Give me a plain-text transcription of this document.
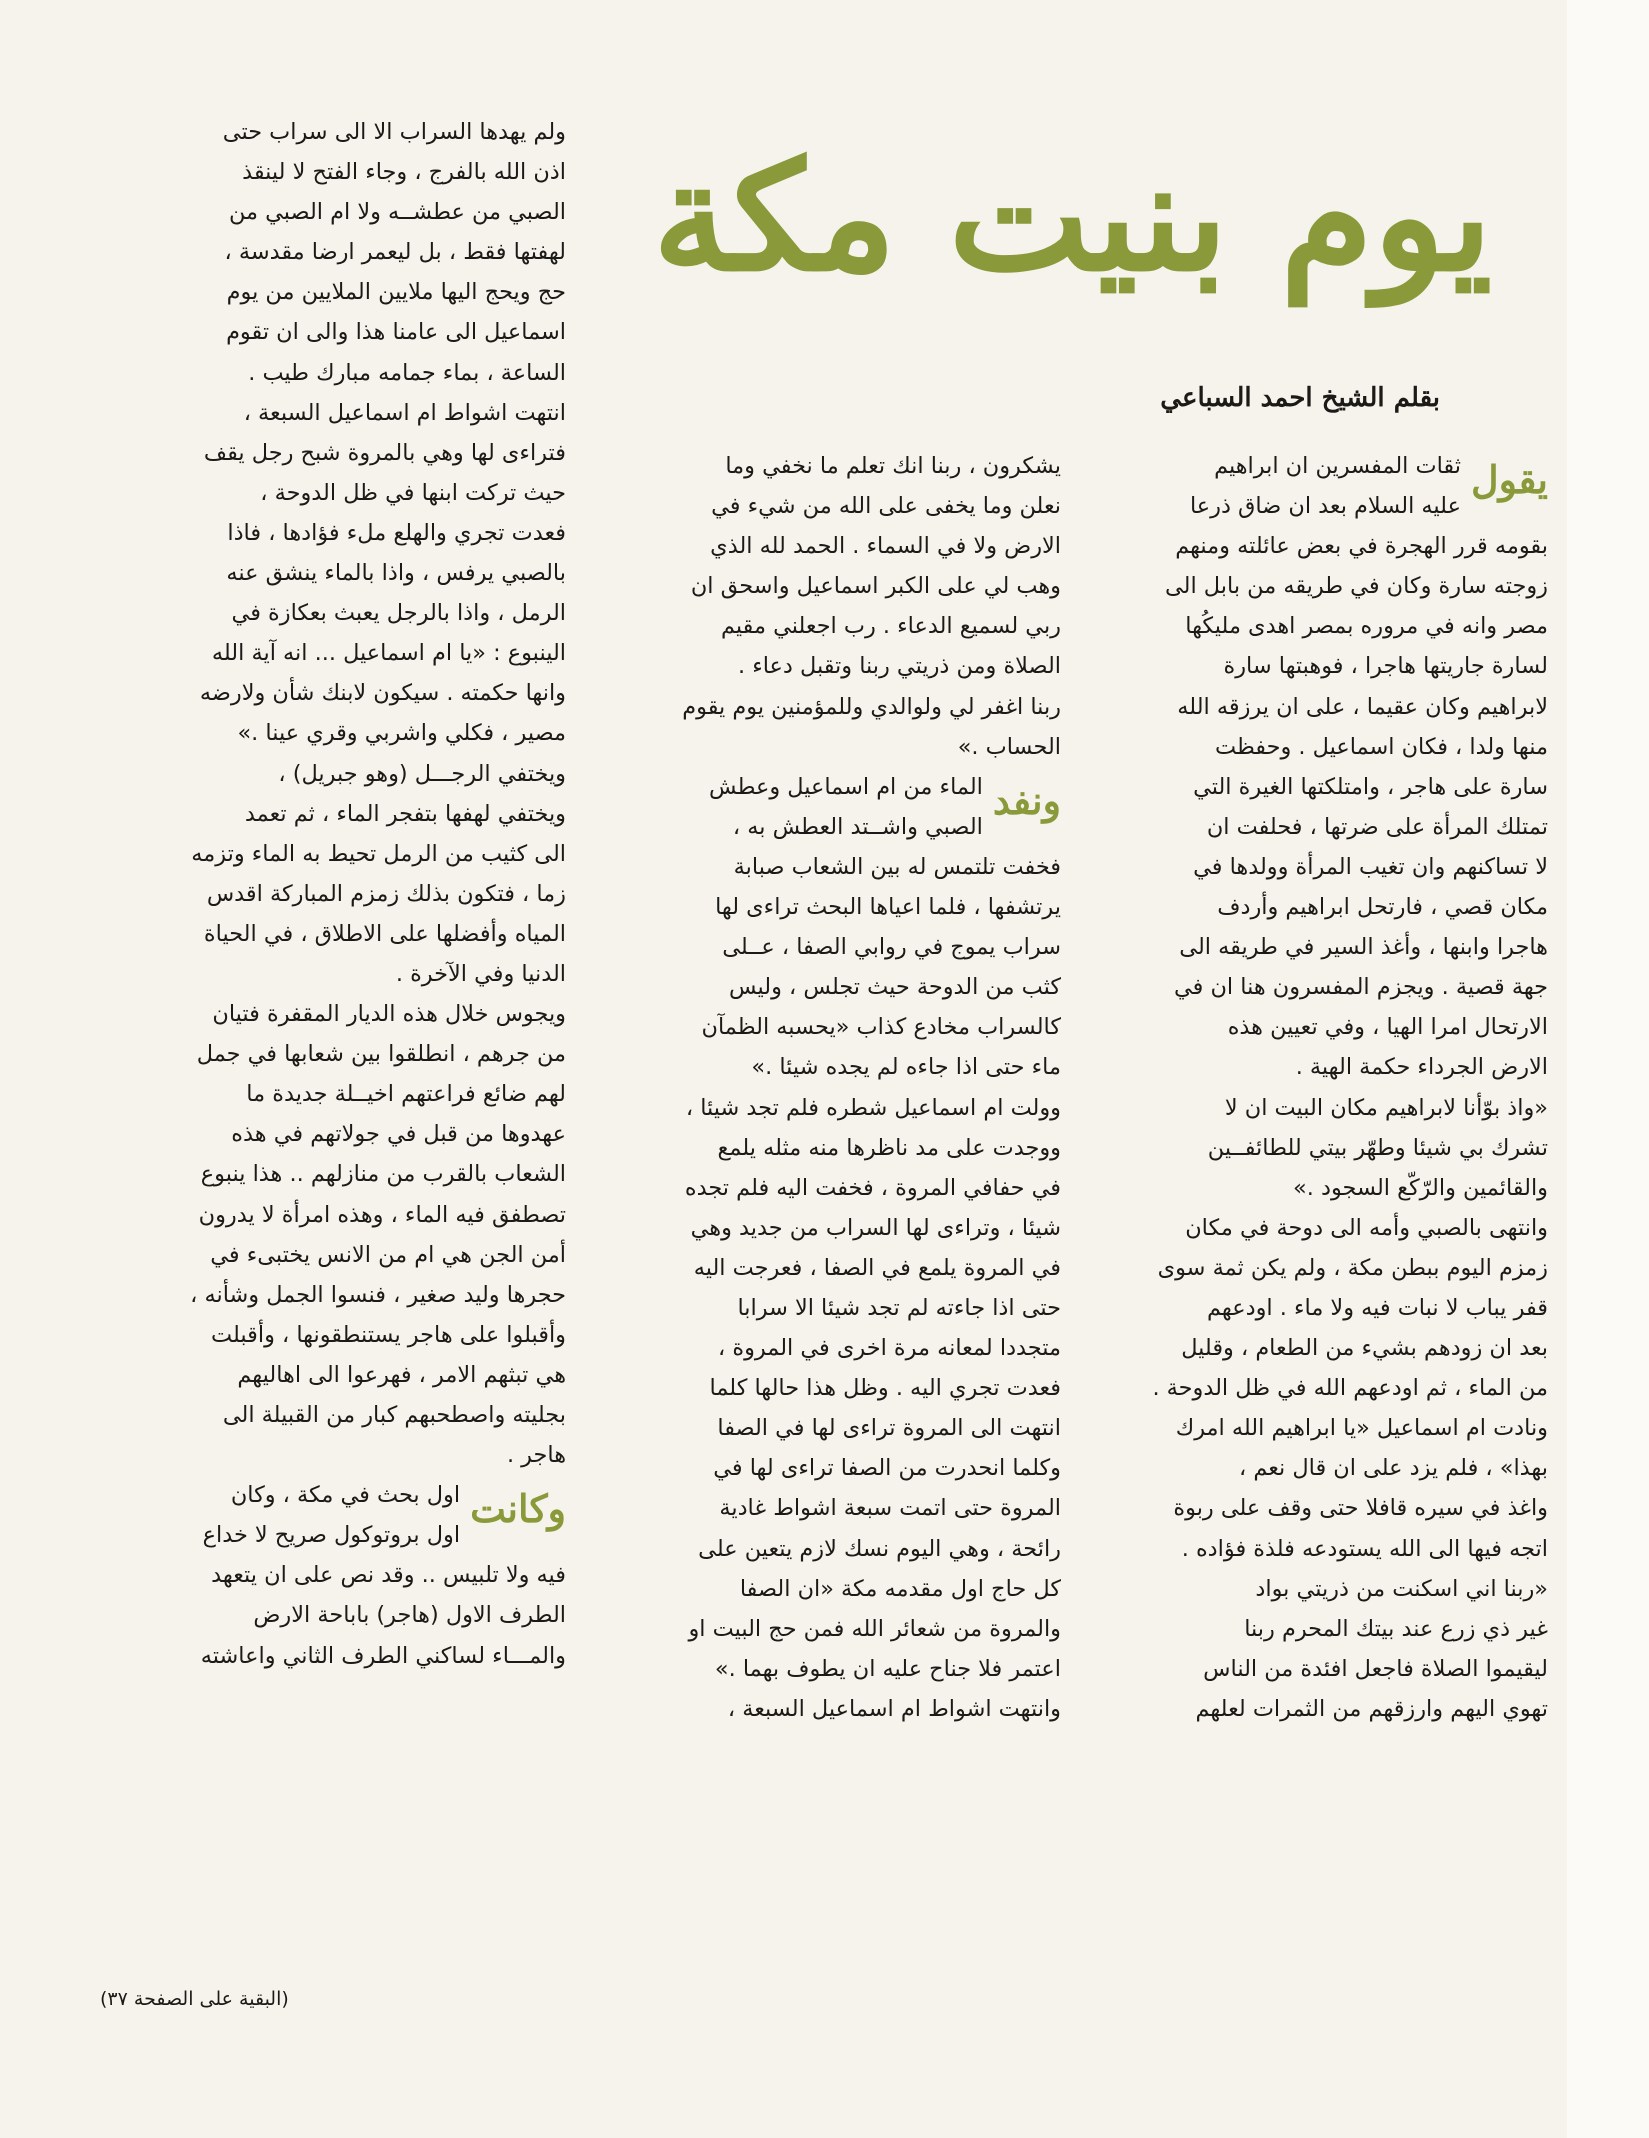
يوم بنيت مكة
بقلم الشيخ احمد السباعي
يقول

ثقات المفسرين ان ابراهيم
عليه السلام بعد ان ضاق ذرعا
بقومه قرر الهجرة في بعض عائلته ومنهم
زوجته سارة وكان في طريقه من بابل الى
مصر وانه في مروره بمصر اهدى مليكُها
لسارة جاريتها هاجرا ، فوهبتها سارة
لابراهيم وكان عقيما ، على ان يرزقه الله
منها ولدا ، فكان اسماعيل . وحفظت
سارة على هاجر ، وامتلكتها الغيرة التي
تمتلك المرأة على ضرتها ، فحلفت ان
لا تساكنهم وان تغيب المرأة وولدها في
مكان قصي ، فارتحل ابراهيم وأردف
هاجرا وابنها ، وأغذ السير في طريقه الى
جهة قصية . ويجزم المفسرون هنا ان في
الارتحال امرا الهيا ، وفي تعيين هذه
الارض الجرداء حكمة الهية .
«واذ بوّأنا لابراهيم مكان البيت ان لا
تشرك بي شيئا وطهّر بيتي للطائفــين
والقائمين والرّكّع السجود .»
وانتهى بالصبي وأمه الى دوحة في مكان
زمزم اليوم ببطن مكة ، ولم يكن ثمة سوى
قفر يباب لا نبات فيه ولا ماء . اودعهم
بعد ان زودهم بشيء من الطعام ، وقليل
من الماء ، ثم اودعهم الله في ظل الدوحة .
ونادت ام اسماعيل «يا ابراهيم الله امرك
بهذا» ، فلم يزد على ان قال نعم ،
واغذ في سيره قافلا حتى وقف على ربوة
اتجه فيها الى الله يستودعه فلذة فؤاده .
«ربنا اني اسكنت من ذريتي بواد
غير ذي زرع عند بيتك المحرم ربنا
ليقيموا الصلاة فاجعل افئدة من الناس
تهوي اليهم وارزقهم من الثمرات لعلهم

يشكرون ، ربنا انك تعلم ما نخفي وما
نعلن وما يخفى على الله من شيء في
الارض ولا في السماء . الحمد لله الذي
وهب لي على الكبر اسماعيل واسحق ان
ربي لسميع الدعاء . رب اجعلني مقيم
الصلاة ومن ذريتي ربنا وتقبل دعاء .
ربنا اغفر لي ولوالدي وللمؤمنين يوم يقوم
الحساب .»

ونفد

الماء من ام اسماعيل وعطش
الصبي واشــتد العطش به ،
فخفت تلتمس له بين الشعاب صبابة
يرتشفها ، فلما اعياها البحث تراءى لها
سراب يموج في روابي الصفا ، عــلى
كثب من الدوحة حيث تجلس ، وليس
كالسراب مخادع كذاب «يحسبه الظمآن
ماء حتى اذا جاءه لم يجده شيئا .»
وولت ام اسماعيل شطره فلم تجد شيئا ،
ووجدت على مد ناظرها منه مثله يلمع
في حفافي المروة ، فخفت اليه فلم تجده
شيئا ، وتراءى لها السراب من جديد وهي
في المروة يلمع في الصفا ، فعرجت اليه
حتى اذا جاءته لم تجد شيئا الا سرابا
متجددا لمعانه مرة اخرى في المروة ،
فعدت تجري اليه . وظل هذا حالها كلما
انتهت الى المروة تراءى لها في الصفا
وكلما انحدرت من الصفا تراءى لها في
المروة حتى اتمت سبعة اشواط غادية
رائحة ، وهي اليوم نسك لازم يتعين على
كل حاج اول مقدمه مكة «ان الصفا
والمروة من شعائر الله فمن حج البيت او
اعتمر فلا جناح عليه ان يطوف بهما .»
وانتهت اشواط ام اسماعيل السبعة ،

ولم يهدها السراب الا الى سراب حتى
اذن الله بالفرج ، وجاء الفتح لا لينقذ
الصبي من عطشــه ولا ام الصبي من
لهفتها فقط ، بل ليعمر ارضا مقدسة ،
حج ويحج اليها ملايين الملايين من يوم
اسماعيل الى عامنا هذا والى ان تقوم
الساعة ، بماء جمامه مبارك طيب .
انتهت اشواط ام اسماعيل السبعة ،
فتراءى لها وهي بالمروة شبح رجل يقف
حيث تركت ابنها في ظل الدوحة ،
فعدت تجري والهلع ملء فؤادها ، فاذا
بالصبي يرفس ، واذا بالماء ينشق عنه
الرمل ، واذا بالرجل يعبث بعكازة في
الينبوع : «يا ام اسماعيل ... انه آية الله
وانها حكمته . سيكون لابنك شأن ولارضه
مصير ، فكلي واشربي وقري عينا .»
ويختفي الرجـــل (وهو جبريل) ،
ويختفي لهفها بتفجر الماء ، ثم تعمد
الى كثيب من الرمل تحيط به الماء وتزمه
زما ، فتكون بذلك زمزم المباركة اقدس
المياه وأفضلها على الاطلاق ، في الحياة
الدنيا وفي الآخرة .
ويجوس خلال هذه الديار المقفرة فتيان
من جرهم ، انطلقوا بين شعابها في جمل
لهم ضائع فراعتهم اخيــلة جديدة ما
عهدوها من قبل في جولاتهم في هذه
الشعاب بالقرب من منازلهم .. هذا ينبوع
تصطفق فيه الماء ، وهذه امرأة لا يدرون
أمن الجن هي ام من الانس يختبىء في
حجرها وليد صغير ، فنسوا الجمل وشأنه ،
وأقبلوا على هاجر يستنطقونها ، وأقبلت
هي تبثهم الامر ، فهرعوا الى اهاليهم
بجليته واصطحبهم كبار من القبيلة الى
هاجر .

وكانت

اول بحث في مكة ، وكان
اول بروتوكول صريح لا خداع
فيه ولا تلبيس .. وقد نص على ان يتعهد
الطرف الاول (هاجر) باباحة الارض
والمـــاء لساكني الطرف الثاني واعاشته

(البقية على الصفحة ٣٧)
